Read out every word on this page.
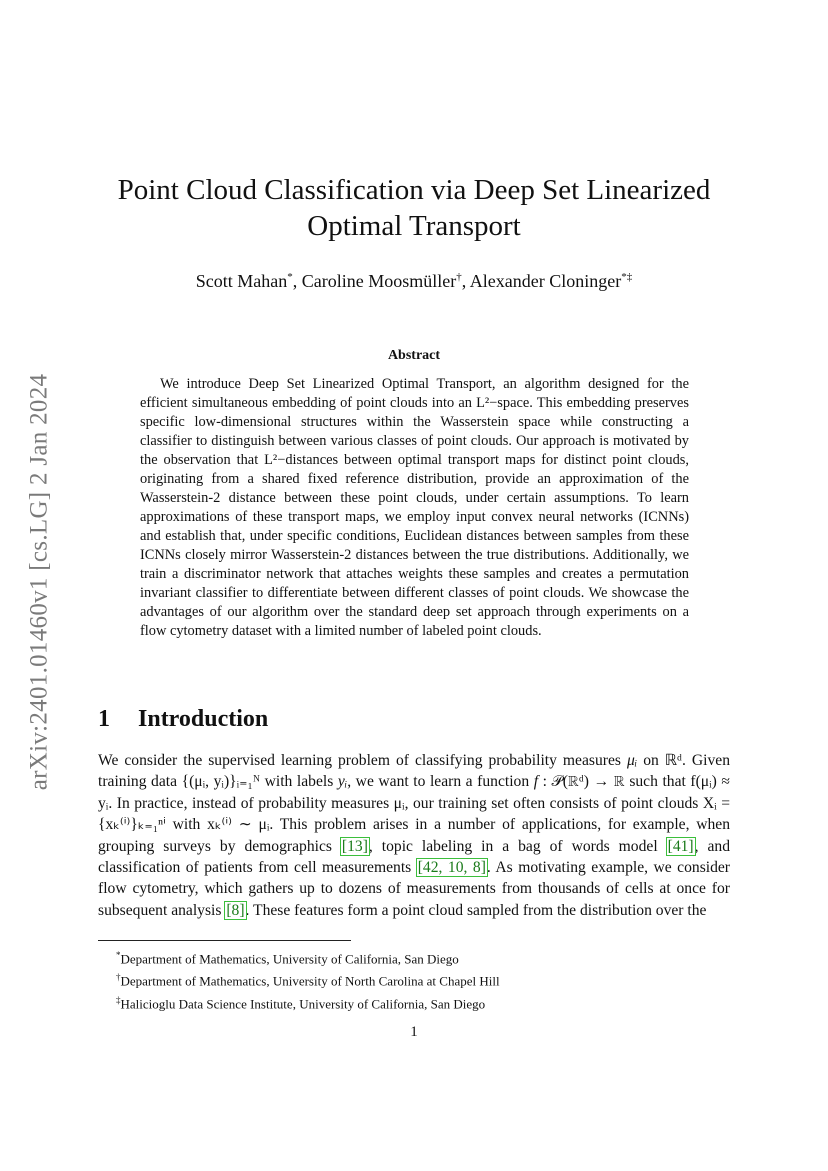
arXiv:2401.01460v1 [cs.LG] 2 Jan 2024
Point Cloud Classification via Deep Set Linearized
Optimal Transport
Scott Mahan*, Caroline Moosmüller†, Alexander Cloninger*‡
Abstract
We introduce Deep Set Linearized Optimal Transport, an algorithm designed for the efficient simultaneous embedding of point clouds into an L²−space. This embedding preserves specific low-dimensional structures within the Wasserstein space while constructing a classifier to distinguish between various classes of point clouds. Our approach is motivated by the observation that L²−distances between optimal transport maps for distinct point clouds, originating from a shared fixed reference distribution, provide an approximation of the Wasserstein-2 distance between these point clouds, under certain assumptions. To learn approximations of these transport maps, we employ input convex neural networks (ICNNs) and establish that, under specific conditions, Euclidean distances between samples from these ICNNs closely mirror Wasserstein-2 distances between the true distributions. Additionally, we train a discriminator network that attaches weights these samples and creates a permutation invariant classifier to differentiate between different classes of point clouds. We showcase the advantages of our algorithm over the standard deep set approach through experiments on a flow cytometry dataset with a limited number of labeled point clouds.
1 Introduction
We consider the supervised learning problem of classifying probability measures μᵢ on ℝᵈ. Given training data {(μᵢ, yᵢ)}ᵢ₌₁ᴺ with labels yᵢ, we want to learn a function f : 𝒫(ℝᵈ) → ℝ such that f(μᵢ) ≈ yᵢ. In practice, instead of probability measures μᵢ, our training set often consists of point clouds Xᵢ = {xₖ⁽ⁱ⁾}ₖ₌₁ⁿⁱ with xₖ⁽ⁱ⁾ ∼ μᵢ. This problem arises in a number of applications, for example, when grouping surveys by demographics [13], topic labeling in a bag of words model [41], and classification of patients from cell measurements [42, 10, 8]. As motivating example, we consider flow cytometry, which gathers up to dozens of measurements from thousands of cells at once for subsequent analysis [8]. These features form a point cloud sampled from the distribution over the
*Department of Mathematics, University of California, San Diego
†Department of Mathematics, University of North Carolina at Chapel Hill
‡Halicioglu Data Science Institute, University of California, San Diego
1
